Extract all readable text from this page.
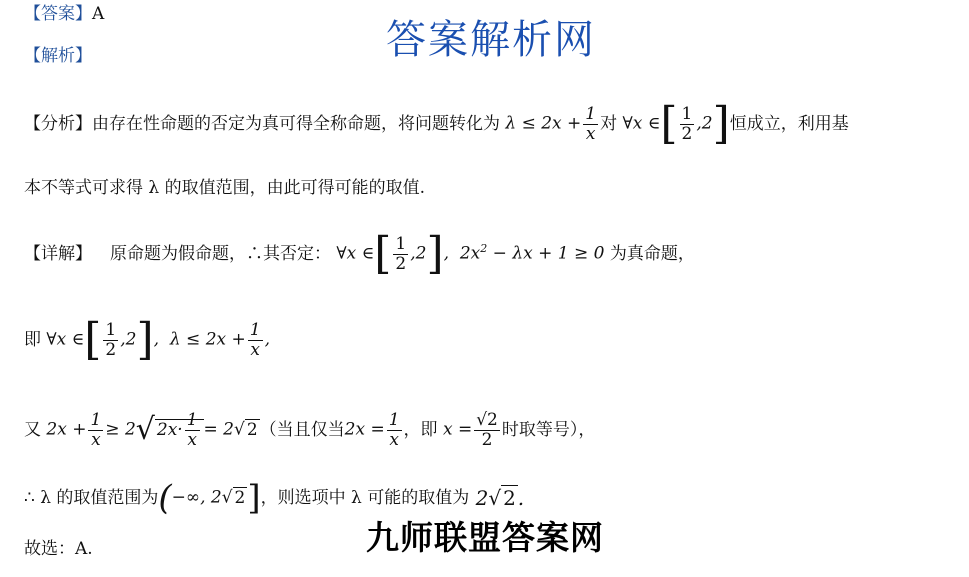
【答案】A
答案解析网
【解析】
【分析】 由存在性命题的否定为真可得全称命题，将问题转化为 $\lambda \le 2x + \frac{1}{x}$ 对 ∀x ∈[ $\frac{1}{2} ,2$] 恒成立，利用基
本不等式可求得 λ 的取值范围，由此可得可能的取值.
【详解】 原命题为假命题，∴其否定： ∀x ∈[ $\frac{1}{2} ,2$],  $2x^2 - \lambda x + 1 \ge 0$ 为真命题，
即 ∀x ∈[ $\frac{1}{2} ,2$],  $\lambda \le 2x + \frac{1}{x}$ ,
又 $2x + \frac{1}{x} \ge 2√$ $2x\cdot \frac{1}{x} = 2√$ 2 （当且仅当 $2x = \frac{1}{x}$ ，即 $x = \frac{√2}{2}$ 时取等号），
∴ λ 的取值范围为 (−∞, 2√ 2] ，则选项中 λ 可能的取值为 2√ 2 .
九师联盟答案网
故选：A.
